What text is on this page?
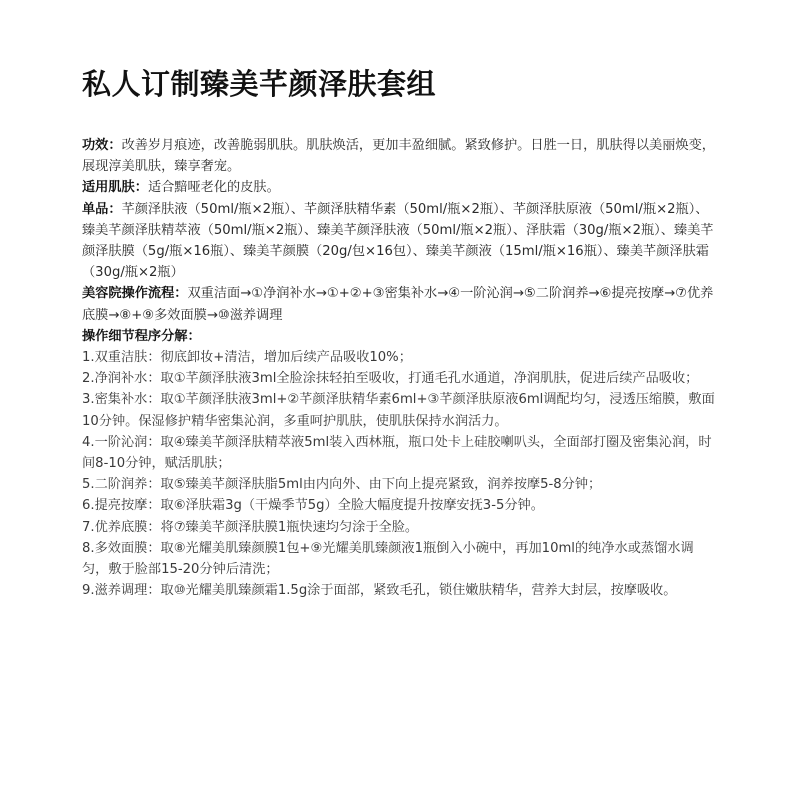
私人订制臻美芊颜泽肤套组

功效：改善岁月痕迹，改善脆弱肌肤。肌肤焕活，更加丰盈细腻。紧致修护。日胜一日，肌肤得以美丽焕变，展现淳美肌肤，臻享奢宠。

适用肌肤：适合黯哑老化的皮肤。

单品：芊颜泽肤液（50ml/瓶×2瓶）、芊颜泽肤精华素（50ml/瓶×2瓶）、芊颜泽肤原液（50ml/瓶×2瓶）、臻美芊颜泽肤精萃液（50ml/瓶×2瓶）、臻美芊颜泽肤液（50ml/瓶×2瓶）、泽肤霜（30g/瓶×2瓶）、臻美芊颜泽肤膜（5g/瓶×16瓶）、臻美芊颜膜（20g/包×16包）、臻美芊颜液（15ml/瓶×16瓶）、臻美芊颜泽肤霜（30g/瓶×2瓶）

美容院操作流程：双重洁面→①净润补水→①+②+③密集补水→④一阶沁润→⑤二阶润养→⑥提亮按摩→⑦优养底膜→⑧+⑨多效面膜→⑩滋养调理

操作细节程序分解：

1.双重洁肤：彻底卸妆+清洁，增加后续产品吸收10%；

2.净润补水：取①芊颜泽肤液3ml全脸涂抹轻拍至吸收，打通毛孔水通道，净润肌肤，促进后续产品吸收；

3.密集补水：取①芊颜泽肤液3ml+②芊颜泽肤精华素6ml+③芊颜泽肤原液6ml调配均匀，浸透压缩膜，敷面10分钟。保湿修护精华密集沁润，多重呵护肌肤，使肌肤保持水润活力。

4.一阶沁润：取④臻美芊颜泽肤精萃液5ml装入西林瓶，瓶口处卡上硅胶喇叭头，全面部打圈及密集沁润，时间8-10分钟，赋活肌肤；

5.二阶润养：取⑤臻美芊颜泽肤脂5ml由内向外、由下向上提亮紧致，润养按摩5-8分钟；

6.提亮按摩：取⑥泽肤霜3g（干燥季节5g）全脸大幅度提升按摩安抚3-5分钟。

7.优养底膜：将⑦臻美芊颜泽肤膜1瓶快速均匀涂于全脸。

8.多效面膜：取⑧光耀美肌臻颜膜1包+⑨光耀美肌臻颜液1瓶倒入小碗中，再加10ml的纯净水或蒸馏水调匀，敷于脸部15-20分钟后清洗；

9.滋养调理：取⑩光耀美肌臻颜霜1.5g涂于面部，紧致毛孔，锁住嫩肤精华，营养大封层，按摩吸收。
